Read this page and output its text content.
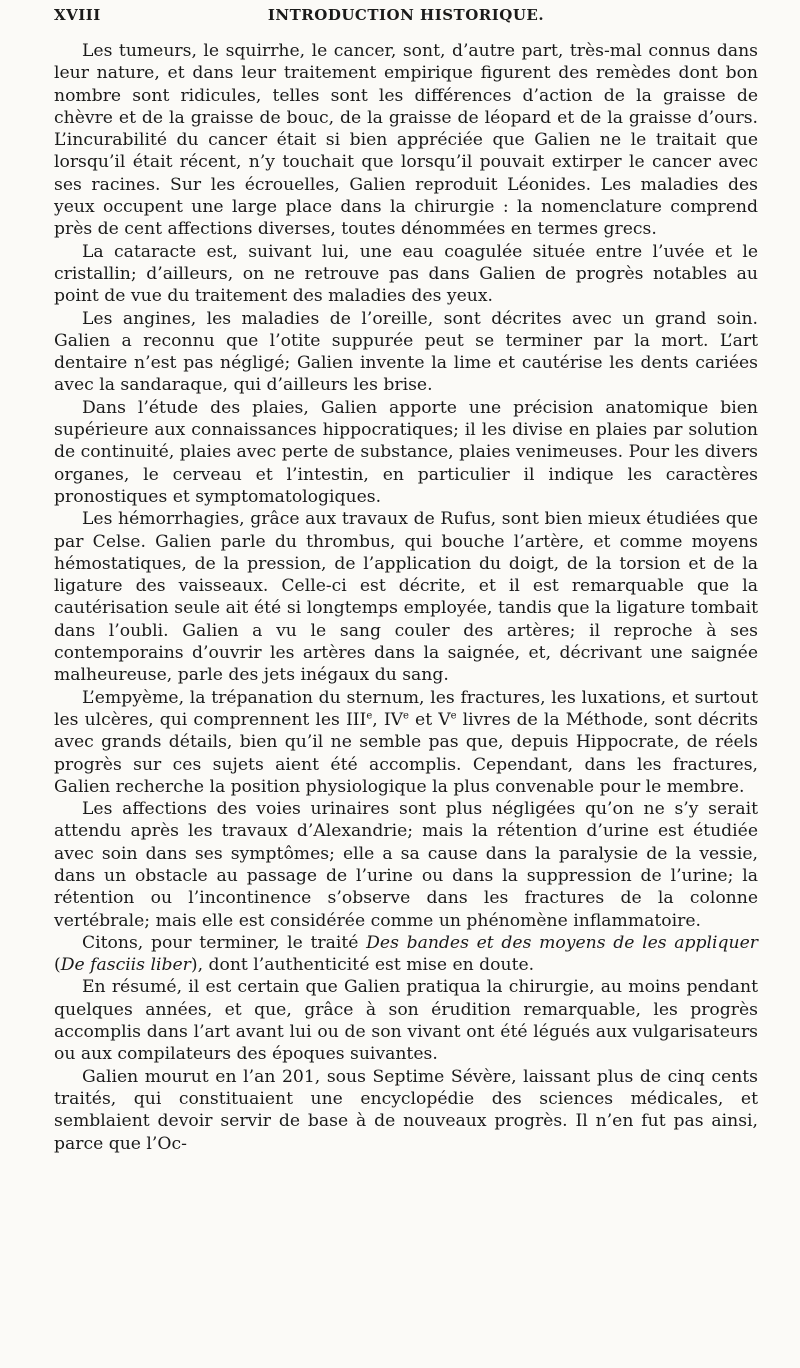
XVIII	INTRODUCTION HISTORIQUE.

Les tumeurs, le squirrhe, le cancer, sont, d’autre part, très-mal connus dans leur nature, et dans leur traitement empirique figurent des remèdes dont bon nombre sont ridicules, telles sont les différences d’action de la graisse de chèvre et de la graisse de bouc, de la graisse de léopard et de la graisse d’ours. L’incurabilité du cancer était si bien appréciée que Galien ne le traitait que lorsqu’il était récent, n’y touchait que lorsqu’il pouvait extirper le cancer avec ses racines. Sur les écrouelles, Galien reproduit Léonides. Les maladies des yeux occupent une large place dans la chirurgie : la nomenclature comprend près de cent affections diverses, toutes dénommées en termes grecs.

La cataracte est, suivant lui, une eau coagulée située entre l’uvée et le cristallin; d’ailleurs, on ne retrouve pas dans Galien de progrès notables au point de vue du traitement des maladies des yeux.

Les angines, les maladies de l’oreille, sont décrites avec un grand soin. Galien a reconnu que l’otite suppurée peut se terminer par la mort. L’art dentaire n’est pas négligé; Galien invente la lime et cautérise les dents cariées avec la sandaraque, qui d’ailleurs les brise.

Dans l’étude des plaies, Galien apporte une précision anatomique bien supérieure aux connaissances hippocratiques; il les divise en plaies par solution de continuité, plaies avec perte de substance, plaies venimeuses. Pour les divers organes, le cerveau et l’intestin, en particulier il indique les caractères pronostiques et symptomatologiques.

Les hémorrhagies, grâce aux travaux de Rufus, sont bien mieux étudiées que par Celse. Galien parle du thrombus, qui bouche l’artère, et comme moyens hémostatiques, de la pression, de l’application du doigt, de la torsion et de la ligature des vaisseaux. Celle-ci est décrite, et il est remarquable que la cautérisation seule ait été si longtemps employée, tandis que la ligature tombait dans l’oubli. Galien a vu le sang couler des artères; il reproche à ses contemporains d’ouvrir les artères dans la saignée, et, décrivant une saignée malheureuse, parle des jets inégaux du sang.

L’empyème, la trépanation du sternum, les fractures, les luxations, et surtout les ulcères, qui comprennent les IIIe, IVe et Ve livres de la Méthode, sont décrits avec grands détails, bien qu’il ne semble pas que, depuis Hippocrate, de réels progrès sur ces sujets aient été accomplis. Cependant, dans les fractures, Galien recherche la position physiologique la plus convenable pour le membre.

Les affections des voies urinaires sont plus négligées qu’on ne s’y serait attendu après les travaux d’Alexandrie; mais la rétention d’urine est étudiée avec soin dans ses symptômes; elle a sa cause dans la paralysie de la vessie, dans un obstacle au passage de l’urine ou dans la suppression de l’urine; la rétention ou l’incontinence s’observe dans les fractures de la colonne vertébrale; mais elle est considérée comme un phénomène inflammatoire.

Citons, pour terminer, le traité Des bandes et des moyens de les appliquer (De fasciis liber), dont l’authenticité est mise en doute.

En résumé, il est certain que Galien pratiqua la chirurgie, au moins pendant quelques années, et que, grâce à son érudition remarquable, les progrès accomplis dans l’art avant lui ou de son vivant ont été légués aux vulgarisateurs ou aux compilateurs des époques suivantes.

Galien mourut en l’an 201, sous Septime Sévère, laissant plus de cinq cents traités, qui constituaient une encyclopédie des sciences médicales, et semblaient devoir servir de base à de nouveaux progrès. Il n’en fut pas ainsi, parce que l’Oc-
